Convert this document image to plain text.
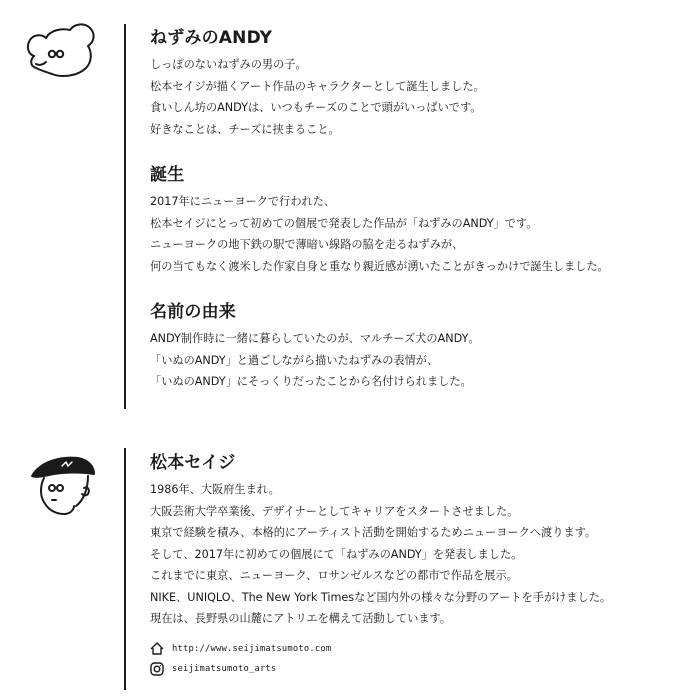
ねずみのANDY

しっぽのないねずみの男の子。

松本セイジが描くアート作品のキャラクターとして誕生しました。

食いしん坊のANDYは、いつもチーズのことで頭がいっぱいです。

好きなことは、チーズに挟まること。

誕生

2017年にニューヨークで行われた、

松本セイジにとって初めての個展で発表した作品が「ねずみのANDY」です。

ニューヨークの地下鉄の駅で薄暗い線路の脇を走るねずみが、

何の当てもなく渡米した作家自身と重なり親近感が湧いたことがきっかけで誕生しました。

名前の由来

ANDY制作時に一緒に暮らしていたのが、マルチーズ犬のANDY。

「いぬのANDY」と過ごしながら描いたねずみの表情が、

「いぬのANDY」にそっくりだったことから名付けられました。

松本セイジ

1986年、大阪府生まれ。

大阪芸術大学卒業後、デザイナーとしてキャリアをスタートさせました。

東京で経験を積み、本格的にアーティスト活動を開始するためニューヨークへ渡ります。

そして、2017年に初めての個展にて「ねずみのANDY」を発表しました。

これまでに東京、ニューヨーク、ロサンゼルスなどの都市で作品を展示。

NIKE、UNIQLO、The New York Timesなど国内外の様々な分野のアートを手がけました。

現在は、長野県の山麓にアトリエを構えて活動しています。

http://www.seijimatsumoto.com
seijimatsumoto_arts
